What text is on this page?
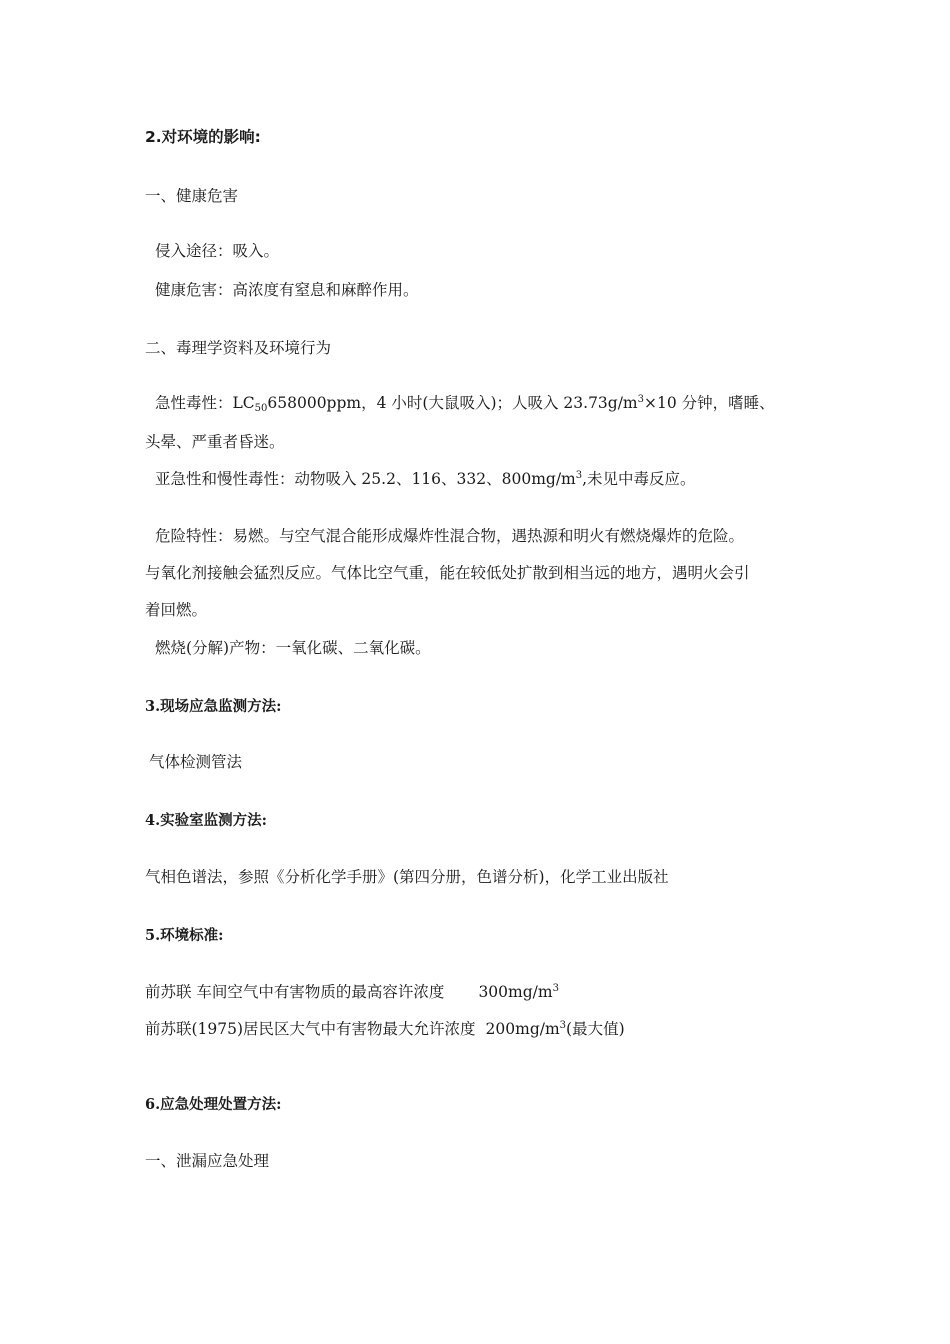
2.对环境的影响:
一、健康危害
侵入途径：吸入。
健康危害：高浓度有窒息和麻醉作用。
二、毒理学资料及环境行为
急性毒性：$LC_{50}658000ppm$，4 小时(大鼠吸入)；人吸入 $23.73g/m^3\times 10$ 分钟，嗜睡、
头晕、严重者昏迷。
亚急性和慢性毒性：动物吸入 25.2、116、332、$800mg/m^3$,未见中毒反应。
危险特性：易燃。与空气混合能形成爆炸性混合物，遇热源和明火有燃烧爆炸的危险。
与氧化剂接触会猛烈反应。气体比空气重，能在较低处扩散到相当远的地方，遇明火会引
着回燃。
燃烧(分解)产物：一氧化碳、二氧化碳。
3.现场应急监测方法:
气体检测管法
4.实验室监测方法:
气相色谱法，参照《分析化学手册》(第四分册，色谱分析)，化学工业出版社
5.环境标准:
前苏联 车间空气中有害物质的最高容许浓度 $300mg/m^3$
前苏联(1975)居民区大气中有害物最大允许浓度 $200mg/m^3$(最大值)
6.应急处理处置方法:
一、泄漏应急处理
